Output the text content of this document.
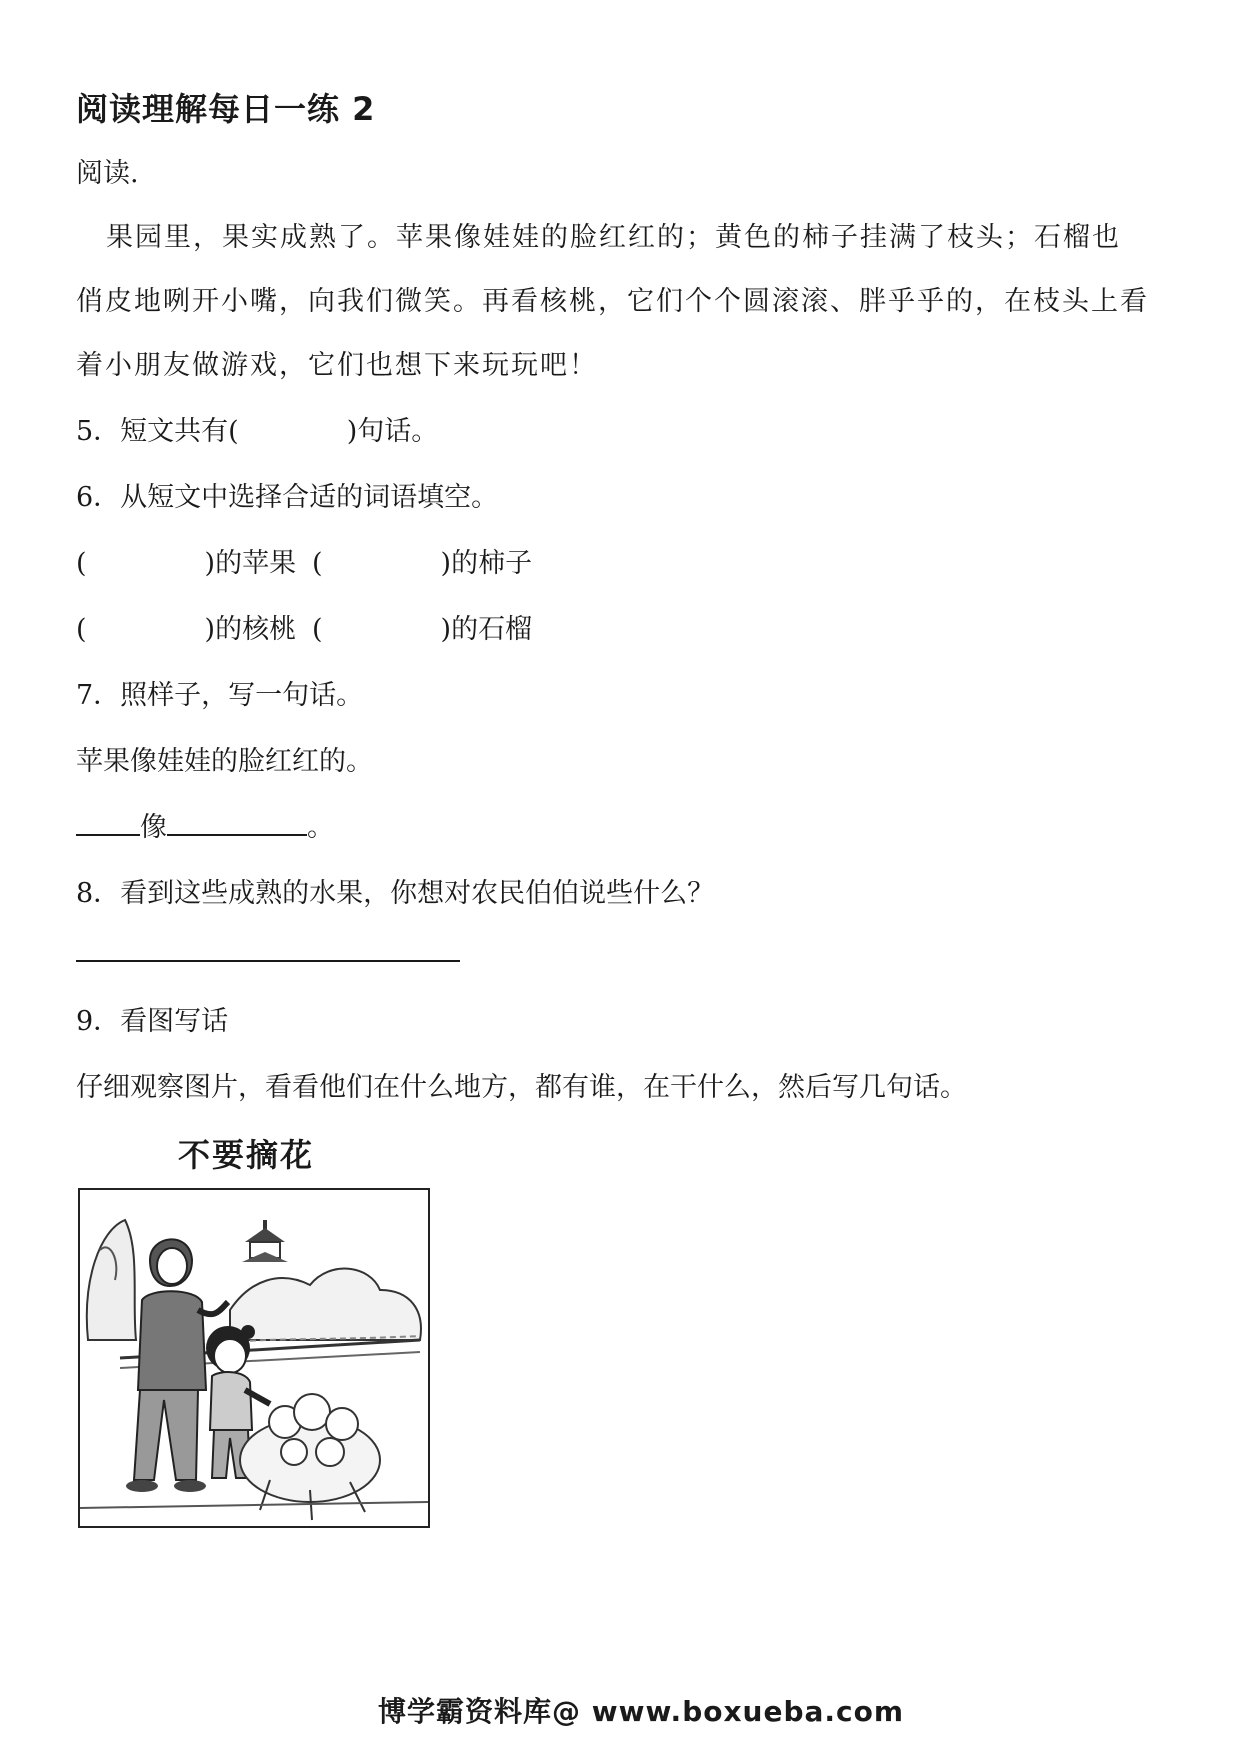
阅读理解每日一练 2
阅读.
果园里，果实成熟了。苹果像娃娃的脸红红的；黄色的柿子挂满了枝头；石榴也
俏皮地咧开小嘴，向我们微笑。再看核桃，它们个个圆滚滚、胖乎乎的，在枝头上看
着小朋友做游戏，它们也想下来玩玩吧！
5．短文共有(	)句话。
6．从短文中选择合适的词语填空。
(	)的苹果 (	)的柿子
(	)的核桃 (	)的石榴
7．照样子，写一句话。
苹果像娃娃的脸红红的。
像	。
8．看到这些成熟的水果，你想对农民伯伯说些什么？
9．看图写话
仔细观察图片，看看他们在什么地方，都有谁，在干什么，然后写几句话。
不要摘花
博学霸资料库@ www.boxueba.com
